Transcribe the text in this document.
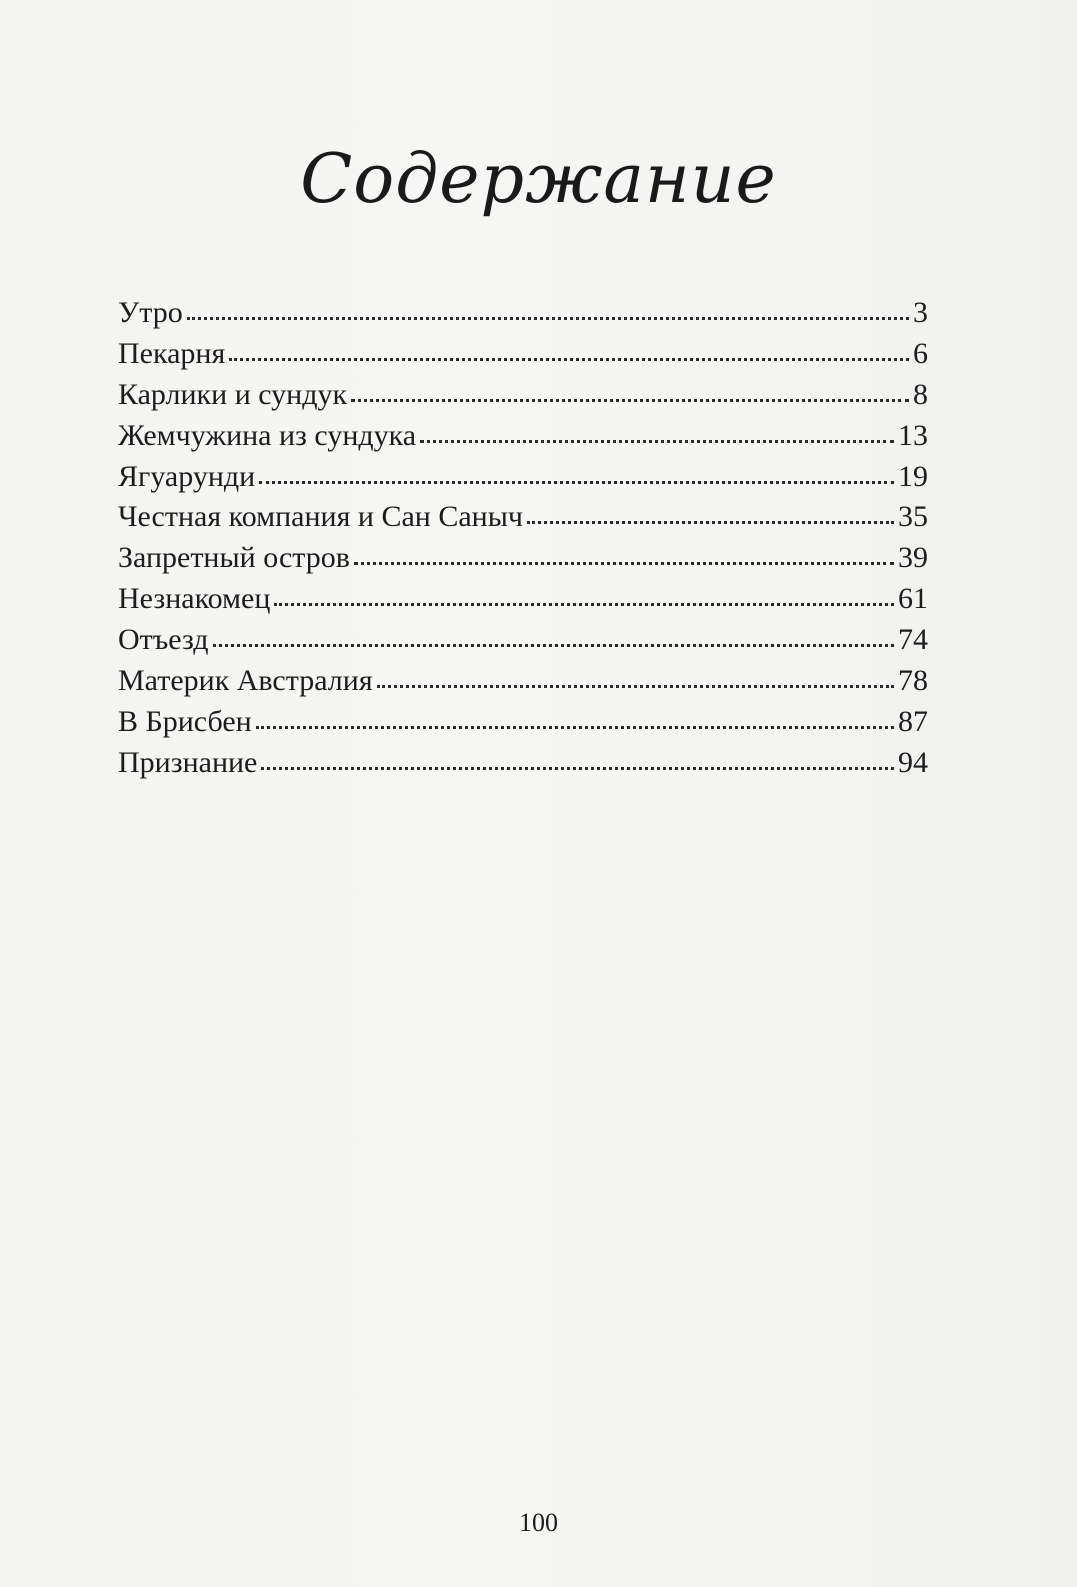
Содержание
Утро	3
Пекарня	6
Карлики и сундук	8
Жемчужина из сундука	13
Ягуарунди	19
Честная компания и Сан Саныч	35
Запретный остров	39
Незнакомец	61
Отъезд	74
Материк Австралия	78
В Брисбен	87
Признание	94
100
